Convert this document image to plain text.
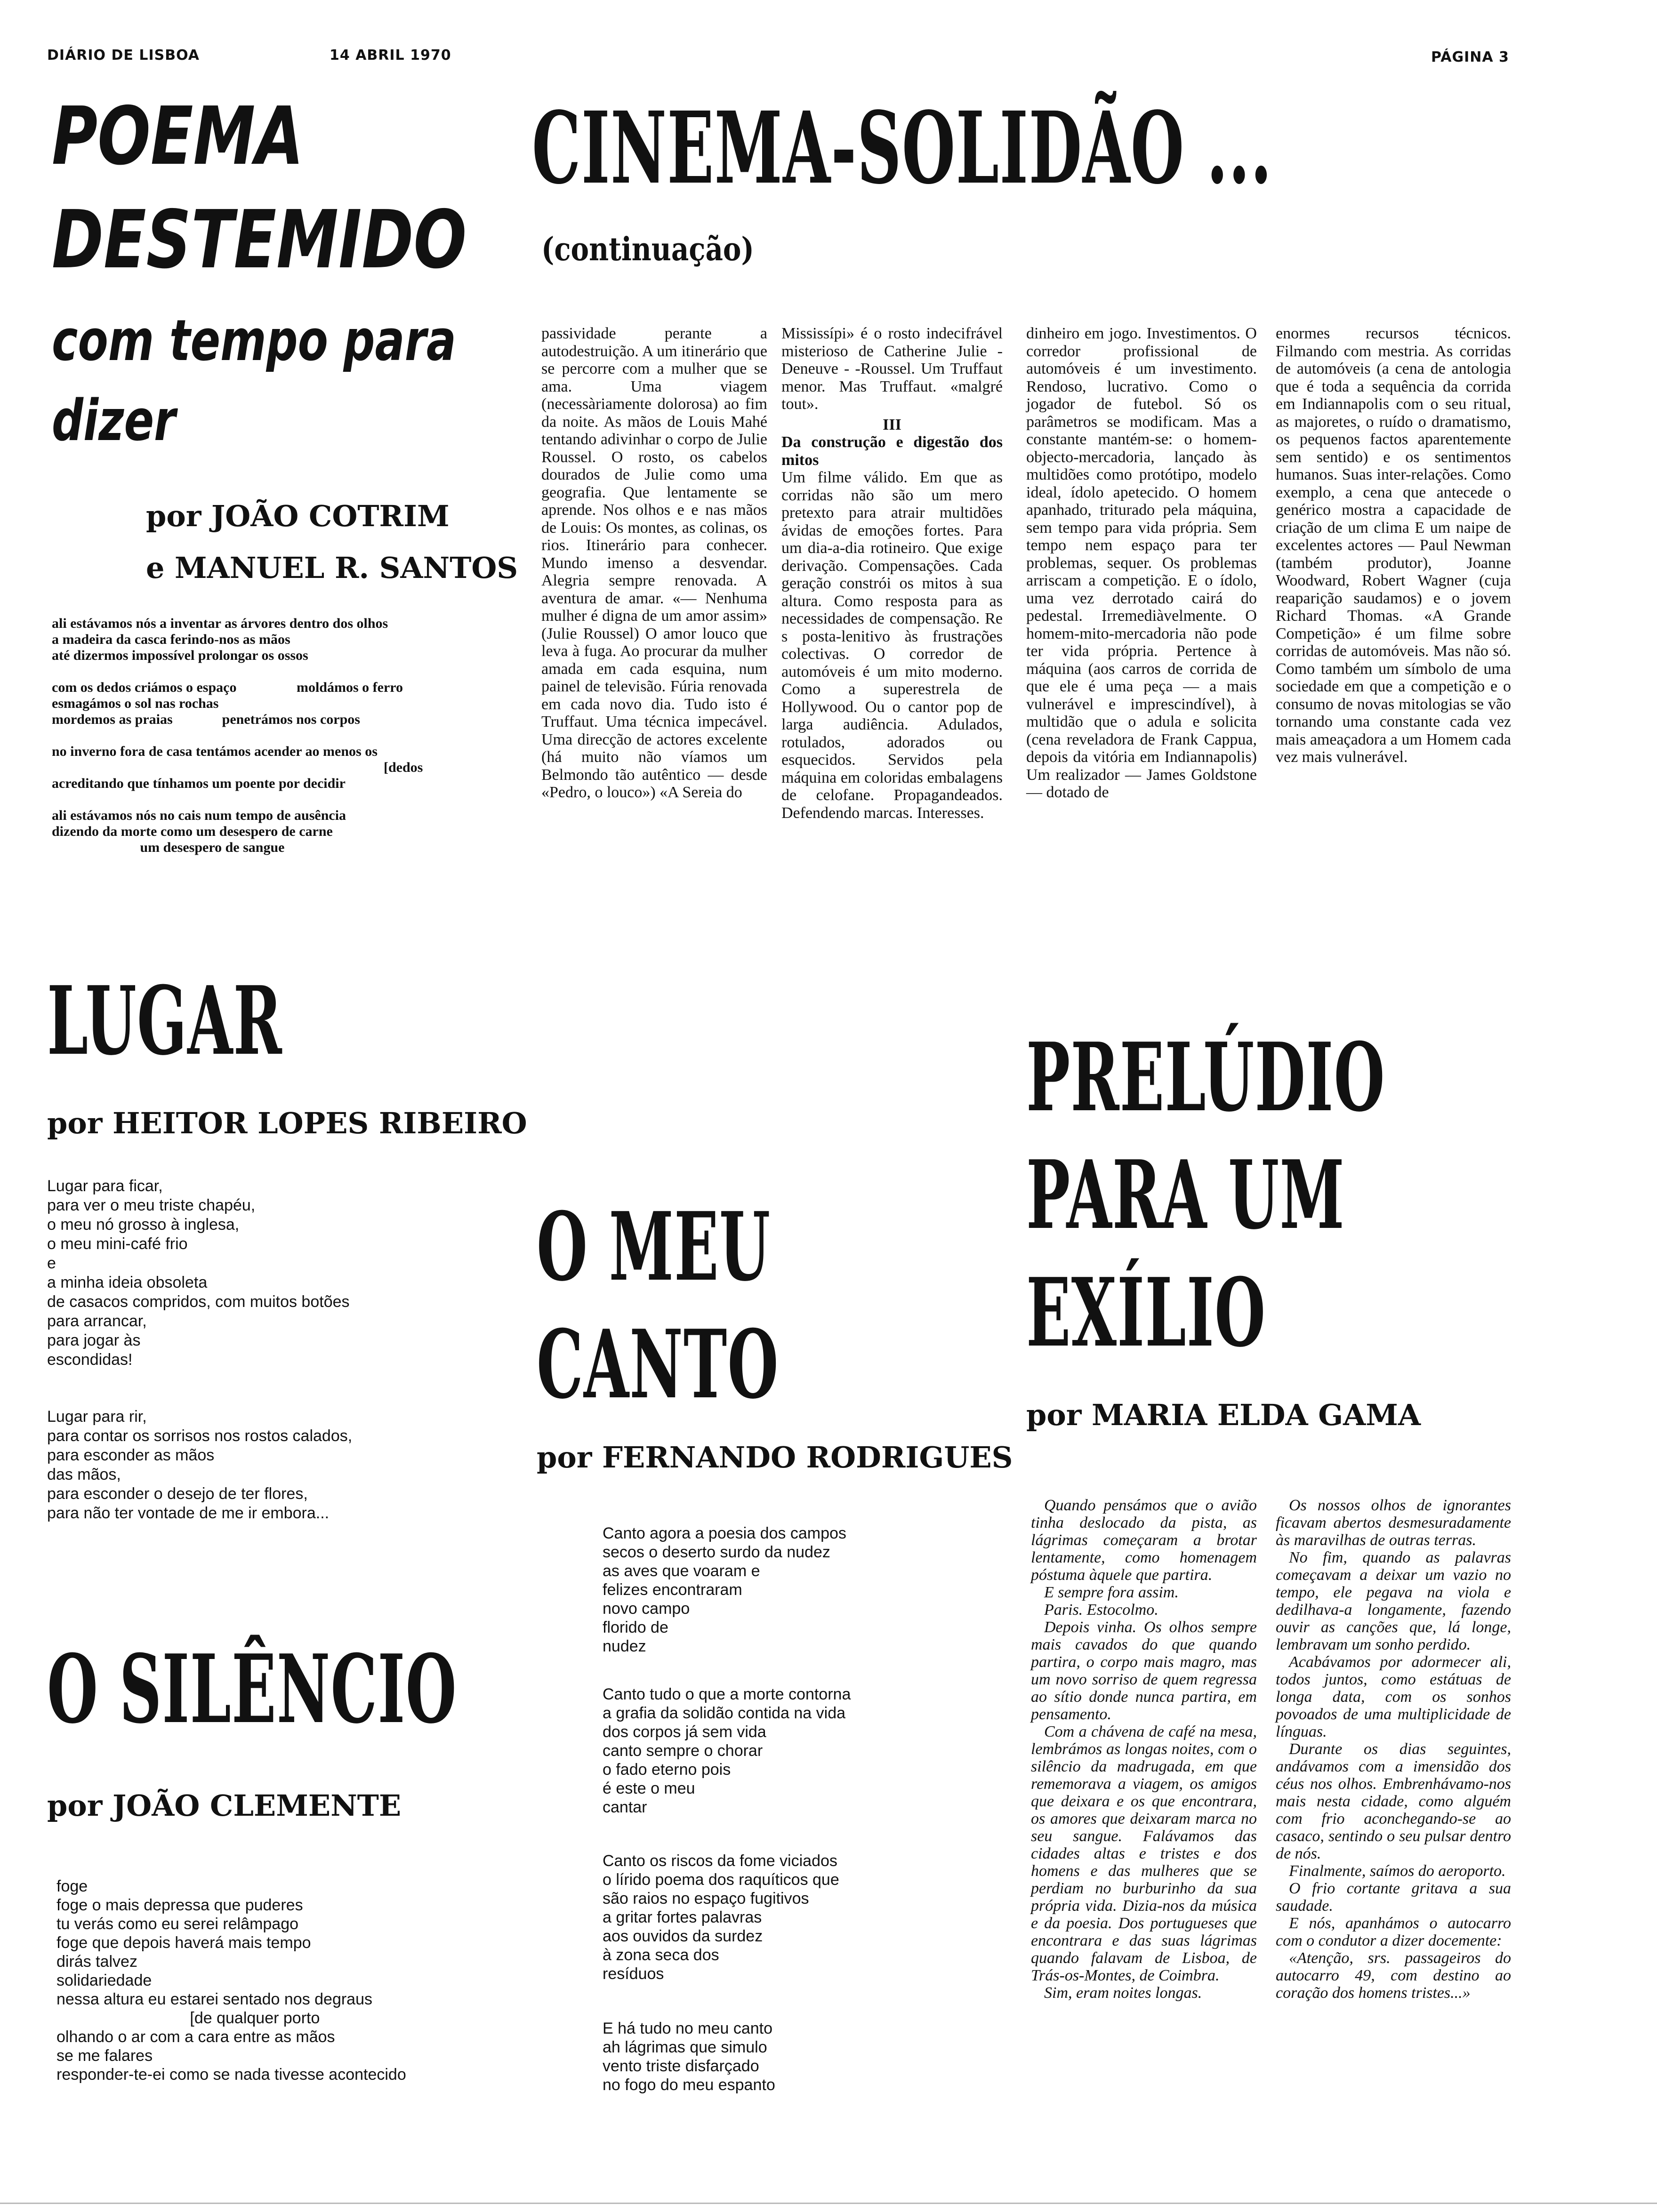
DIÁRIO DE LISBOA	14 ABRIL 1970	PÁGINA 3
POEMA
DESTEMIDO
com tempo para
dizer
por JOÃO COTRIM
e MANUEL R. SANTOS
ali estávamos nós a inventar as árvores dentro dos olhos
a madeira da casca ferindo-nos as mãos
até dizermos impossível prolongar os ossos

com os dedos criámos o espaço                 moldámos o ferro
esmagámos o sol nas rochas
mordemos as praias              penetrámos nos corpos

no inverno fora de casa tentámos acender ao menos os
[dedos
acreditando que tínhamos um poente por decidir

ali estávamos nós no cais num tempo de ausência
dizendo da morte como um desespero de carne
um desespero de sangue
CINEMA-SOLIDÃO ...
(continuação)

passividade perante a autodestruição. A um itinerário que se percorre com a mulher que se ama. Uma viagem (necessàriamente dolorosa) ao fim da noite. As mãos de Louis Mahé tentando adivinhar o corpo de Julie Roussel. O rosto, os cabelos dourados de Julie como uma geografia. Que lentamente se aprende. Nos olhos e e nas mãos de Louis: Os montes, as colinas, os rios. Itinerário para conhecer. Mundo imenso a desvendar. Alegria sempre renovada. A aventura de amar. «— Nenhuma mulher é digna de um amor assim» (Julie Roussel) O amor louco que leva à fuga. Ao procurar da mulher amada em cada esquina, num painel de televisão. Fúria renovada em cada novo dia. Tudo isto é Truffaut. Uma técnica impecável. Uma direcção de actores excelente (há muito não víamos um Belmondo tão autêntico — desde «Pedro, o louco») «A Sereia do

Mississípi» é o rosto indecifrável misterioso de Catherine Julie - Deneuve - -Roussel. Um Truffaut menor. Mas Truffaut. «malgré tout».

III

Da construção e digestão dos mitos

Um filme válido. Em que as corridas não são um mero pretexto para atrair multidões ávidas de emoções fortes. Para um dia-a-dia rotineiro. Que exige derivação. Compensações. Cada geração constrói os mitos à sua altura. Como resposta para as necessidades de compensação. Re s posta-lenitivo às frustrações colectivas. O corredor de automóveis é um mito moderno. Como a superestrela de Hollywood. Ou o cantor pop de larga audiência. Adulados, rotulados, adorados ou esquecidos. Servidos pela máquina em coloridas embalagens de celofane. Propagandeados. Defendendo marcas. Interesses.

dinheiro em jogo. Investimentos. O corredor profissional de automóveis é um investimento. Rendoso, lucrativo. Como o jogador de futebol. Só os parâmetros se modificam. Mas a constante mantém-se: o homem-objecto-mercadoria, lançado às multidões como protótipo, modelo ideal, ídolo apetecido. O homem apanhado, triturado pela máquina, sem tempo para vida própria. Sem tempo nem espaço para ter problemas, sequer. Os problemas arriscam a competição. E o ídolo, uma vez derrotado cairá do pedestal. Irremediàvelmente. O homem-mito-mercadoria não pode ter vida própria. Pertence à máquina (aos carros de corrida de que ele é uma peça — a mais vulnerável e imprescindível), à multidão que o adula e solicita (cena reveladora de Frank Cappua, depois da vitória em Indiannapolis) Um realizador — James Goldstone — dotado de

enormes recursos técnicos. Filmando com mestria. As corridas de automóveis (a cena de antologia que é toda a sequência da corrida em Indiannapolis com o seu ritual, as majoretes, o ruído o dramatismo, os pequenos factos aparentemente sem sentido) e os sentimentos humanos. Suas inter-relações. Como exemplo, a cena que antecede o genérico mostra a capacidade de criação de um clima E um naipe de excelentes actores — Paul Newman (também produtor), Joanne Woodward, Robert Wagner (cuja reaparição saudamos) e o jovem Richard Thomas. «A Grande Competição» é um filme sobre corridas de automóveis. Mas não só. Como também um símbolo de uma sociedade em que a competição e o consumo de novas mitologias se vão tornando uma constante cada vez mais ameaçadora a um Homem cada vez mais vulnerável.

LUGAR
por HEITOR LOPES RIBEIRO
Lugar para ficar,
para ver o meu triste chapéu,
o meu nó grosso à inglesa,
o meu mini-café frio
e
a minha ideia obsoleta
de casacos compridos, com muitos botões
para arrancar,
para jogar às
escondidas!
Lugar para rir,
para contar os sorrisos nos rostos calados,
para esconder as mãos
das mãos,
para esconder o desejo de ter flores,
para não ter vontade de me ir embora...
O SILÊNCIO
por JOÃO CLEMENTE
foge
foge o mais depressa que puderes
tu verás como eu serei relâmpago
foge que depois haverá mais tempo
dirás talvez
solidariedade
nessa altura eu estarei sentado nos degraus
[de qualquer porto
olhando o ar com a cara entre as mãos
se me falares
responder-te-ei como se nada tivesse acontecido
O MEU
CANTO
por FERNANDO RODRIGUES
Canto agora a poesia dos campos
secos o deserto surdo da nudez
as aves que voaram e
felizes encontraram
novo campo
florido de
nudez
Canto tudo o que a morte contorna
a grafia da solidão contida na vida
dos corpos já sem vida
canto sempre o chorar
o fado eterno pois
é este o meu
cantar
Canto os riscos da fome viciados
o lírido poema dos raquíticos que
são raios no espaço fugitivos
a gritar fortes palavras
aos ouvidos da surdez
à zona seca dos
resíduos
E há tudo no meu canto
ah lágrimas que simulo
vento triste disfarçado
no fogo do meu espanto
PRELÚDIO
PARA UM
EXÍLIO
por MARIA ELDA GAMA

Quando pensámos que o avião tinha deslocado da pista, as lágrimas começaram a brotar lentamente, como homenagem póstuma àquele que partira.

E sempre fora assim.

Paris. Estocolmo.

Depois vinha. Os olhos sempre mais cavados do que quando partira, o corpo mais magro, mas um novo sorriso de quem regressa ao sítio donde nunca partira, em pensamento.

Com a chávena de café na mesa, lembrámos as longas noites, com o silêncio da madrugada, em que rememorava a viagem, os amigos que deixara e os que encontrara, os amores que deixaram marca no seu sangue. Falávamos das cidades altas e tristes e dos homens e das mulheres que se perdiam no burburinho da sua própria vida. Dizia-nos da música e da poesia. Dos portugueses que encontrara e das suas lágrimas quando falavam de Lisboa, de Trás-os-Montes, de Coimbra.

Sim, eram noites longas.

Os nossos olhos de ignorantes ficavam abertos desmesuradamente às maravilhas de outras terras.

No fim, quando as palavras começavam a deixar um vazio no tempo, ele pegava na viola e dedilhava-a longamente, fazendo ouvir as canções que, lá longe, lembravam um sonho perdido.

Acabávamos por adormecer ali, todos juntos, como estátuas de longa data, com os sonhos povoados de uma multiplicidade de línguas.

Durante os dias seguintes, andávamos com a imensidão dos céus nos olhos. Embrenhávamo-nos mais nesta cidade, como alguém com frio aconchegando-se ao casaco, sentindo o seu pulsar dentro de nós.

Finalmente, saímos do aeroporto.

O frio cortante gritava a sua saudade.

E nós, apanhámos o autocarro com o condutor a dizer docemente:

«Atenção, srs. passageiros do autocarro 49, com destino ao coração dos homens tristes...»
